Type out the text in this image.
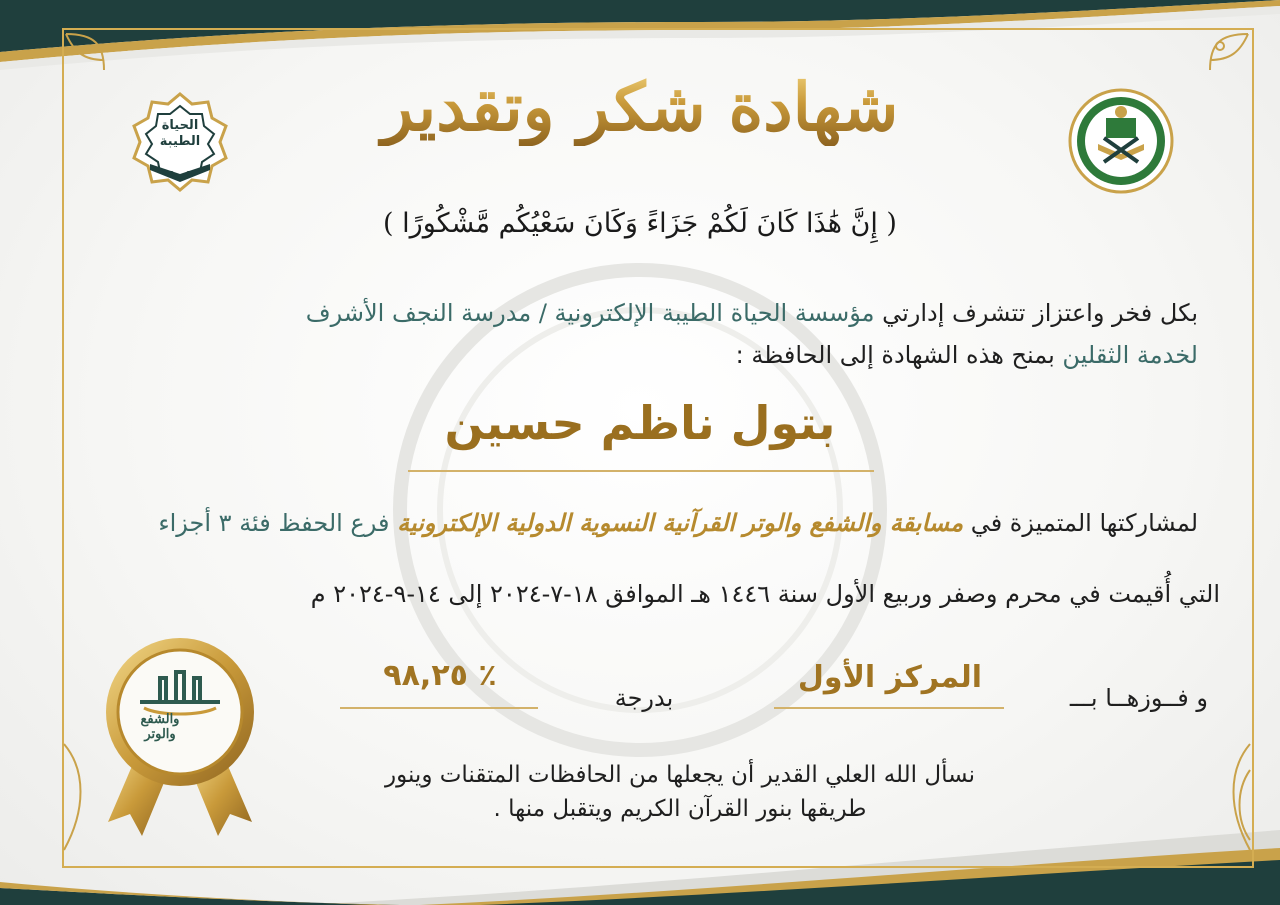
شهادة شكر وتقدير
( إِنَّ هَٰذَا كَانَ لَكُمْ جَزَاءً وَكَانَ سَعْيُكُم مَّشْكُورًا )
بكل فخر واعتزاز تتشرف إدارتي مؤسسة الحياة الطيبة الإلكترونية / مدرسة النجف الأشرف
لخدمة الثقلين بمنح هذه الشهادة إلى الحافظة :
بتول ناظم حسين
لمشاركتها المتميزة في مسابقة والشفع والوتر القرآنية النسوية الدولية الإلكترونية فرع الحفظ فئة ٣ أجزاء
التي أُقيمت في محرم وصفر وربيع الأول سنة ١٤٤٦ هـ الموافق ١٨-٧-٢٠٢٤ إلى ١٤-٩-٢٠٢٤ م
و فــوزهــا بـــ
المركز الأول
بدرجة
٪ ٩٨,٢٥
نسأل الله العلي القدير أن يجعلها من الحافظات المتقنات وينور
طريقها بنور القرآن الكريم ويتقبل منها .
والشفع والوتر
